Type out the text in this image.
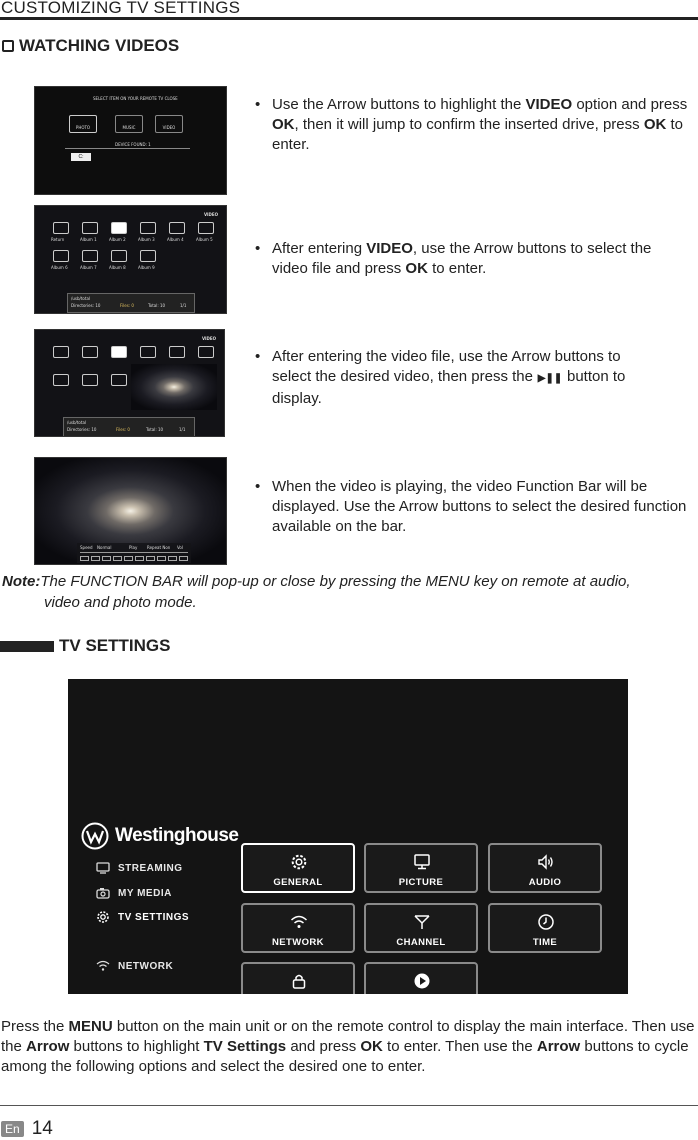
CUSTOMIZING TV SETTINGS
WATCHING VIDEOS
SELECT ITEM ON YOUR REMOTE TV CLOSE
PHOTO	MUSIC	VIDEO
DEVICE FOUND: 1
C:
• Use the Arrow buttons to highlight the VIDEO option and press OK, then it will jump to confirm the inserted drive, press OK to enter.
VIDEO
Return	Album 1	Album 2	Album 3	Album 4	Album 5
Album 6	Album 7	Album 8	Album 9
/usb/total
Directories: 10	Files: 0	Total: 10	1/1
• After entering VIDEO, use the Arrow buttons to select the video file and press OK to enter.
VIDEO
/usb/total
Directories: 10	Files: 0	Total: 10	1/1
• After entering the video file, use the Arrow buttons to
select the desired video, then press the ▶❚❚ button to
display.
Speed Normal	Play Repeat Non Vol
• When the video is playing, the video Function Bar will be displayed. Use the Arrow buttons to select the desired function available on the bar.
Note:The FUNCTION BAR will pop-up or close by pressing the MENU key on remote at audio,
video and photo mode.
TV SETTINGS
Westinghouse
STREAMING
MY MEDIA
TV SETTINGS
NETWORK
GENERAL	PICTURE	AUDIO
NETWORK	CHANNEL	TIME
Press the MENU button on the main unit or on the remote control to display the main interface. Then use the Arrow buttons to highlight TV Settings and press OK to enter. Then use the Arrow buttons to cycle among the following options and select the desired one to enter.
En 14
